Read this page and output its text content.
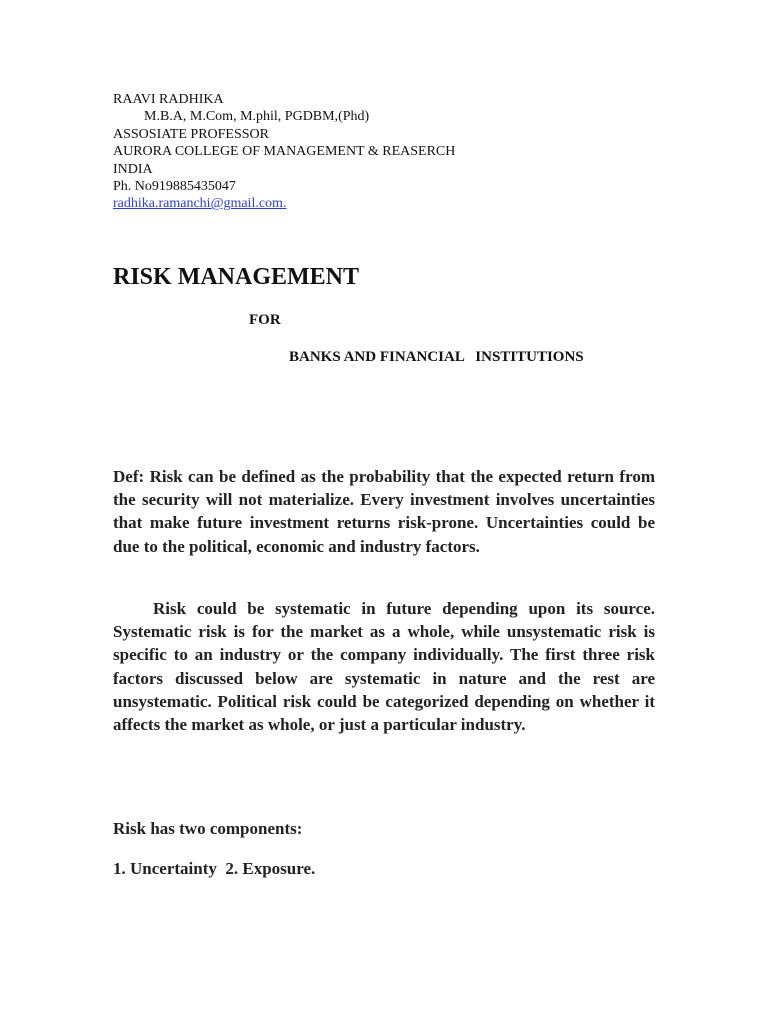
RAAVI RADHIKA
M.B.A, M.Com, M.phil, PGDBM,(Phd)
ASSOSIATE PROFESSOR
AURORA COLLEGE OF MANAGEMENT & REASERCH
INDIA
Ph. No919885435047
radhika.ramanchi@gmail.com.
RISK MANAGEMENT
FOR
BANKS AND FINANCIAL   INSTITUTIONS

Def: Risk can be defined as the probability that the expected return from the security will not materialize. Every investment involves uncertainties that make future investment returns risk-prone. Uncertainties could be due to the political, economic and industry factors.

Risk could be systematic in future depending upon its source. Systematic risk is for the market as a whole, while unsystematic risk is specific to an industry or the company individually. The first three risk factors discussed below are systematic in nature and the rest are unsystematic. Political risk could be categorized depending on whether it affects the market as whole, or just a particular industry.

Risk has two components:
1. Uncertainty  2. Exposure.
